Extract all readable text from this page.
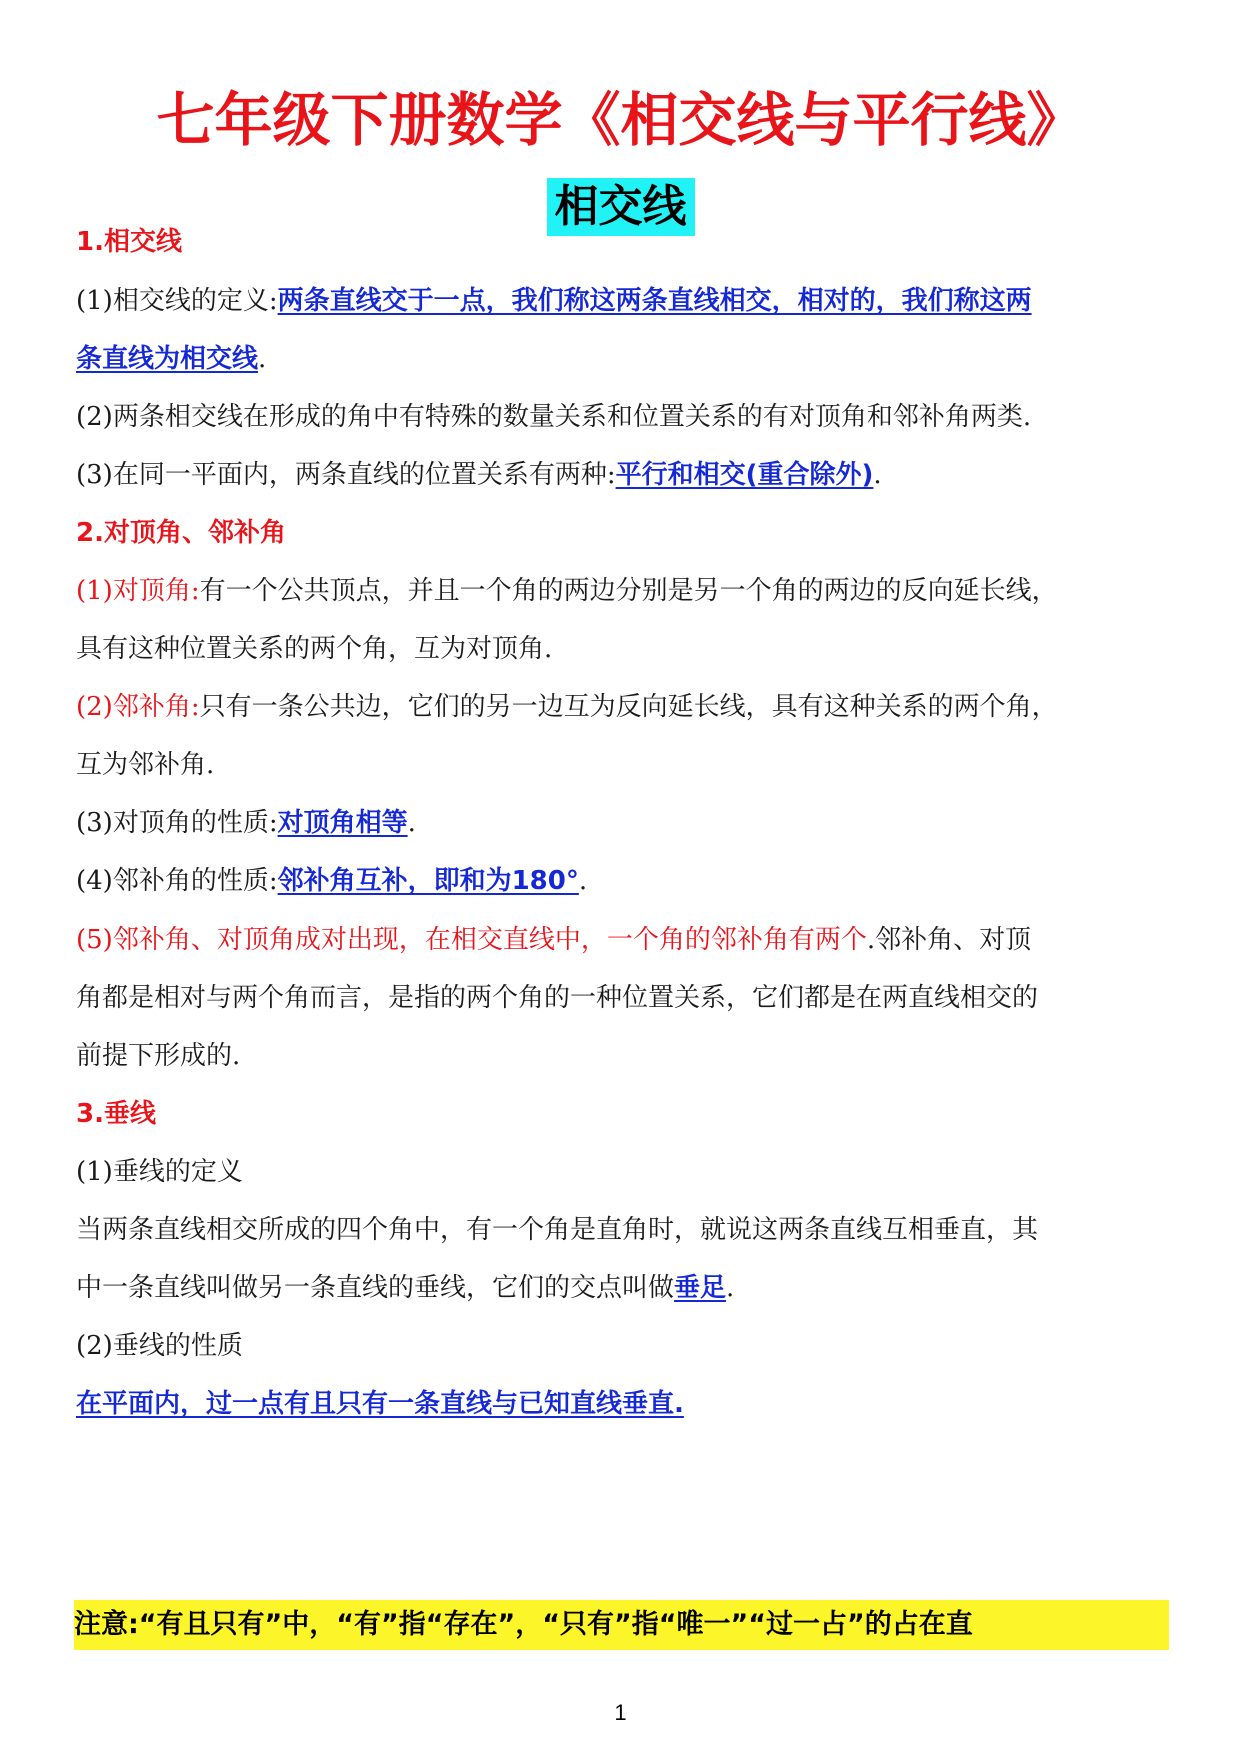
七年级下册数学《相交线与平行线》
相交线
1.相交线
(1)相交线的定义:两条直线交于一点，我们称这两条直线相交，相对的，我们称这两
条直线为相交线.
(2)两条相交线在形成的角中有特殊的数量关系和位置关系的有对顶角和邻补角两类.
(3)在同一平面内，两条直线的位置关系有两种:平行和相交(重合除外).
2.对顶角、邻补角
(1)对顶角:有一个公共顶点，并且一个角的两边分别是另一个角的两边的反向延长线，
具有这种位置关系的两个角，互为对顶角.
(2)邻补角:只有一条公共边，它们的另一边互为反向延长线，具有这种关系的两个角，
互为邻补角.
(3)对顶角的性质:对顶角相等.
(4)邻补角的性质:邻补角互补，即和为180°.
(5)邻补角、对顶角成对出现，在相交直线中，一个角的邻补角有两个.邻补角、对顶
角都是相对与两个角而言，是指的两个角的一种位置关系，它们都是在两直线相交的
前提下形成的.
3.垂线
(1)垂线的定义
当两条直线相交所成的四个角中，有一个角是直角时，就说这两条直线互相垂直，其
中一条直线叫做另一条直线的垂线，它们的交点叫做垂足.
(2)垂线的性质
在平面内，过一点有且只有一条直线与已知直线垂直.
注意:“有且只有”中，“有”指“存在”，“只有”指“唯一”“过一占”的占在直
1
